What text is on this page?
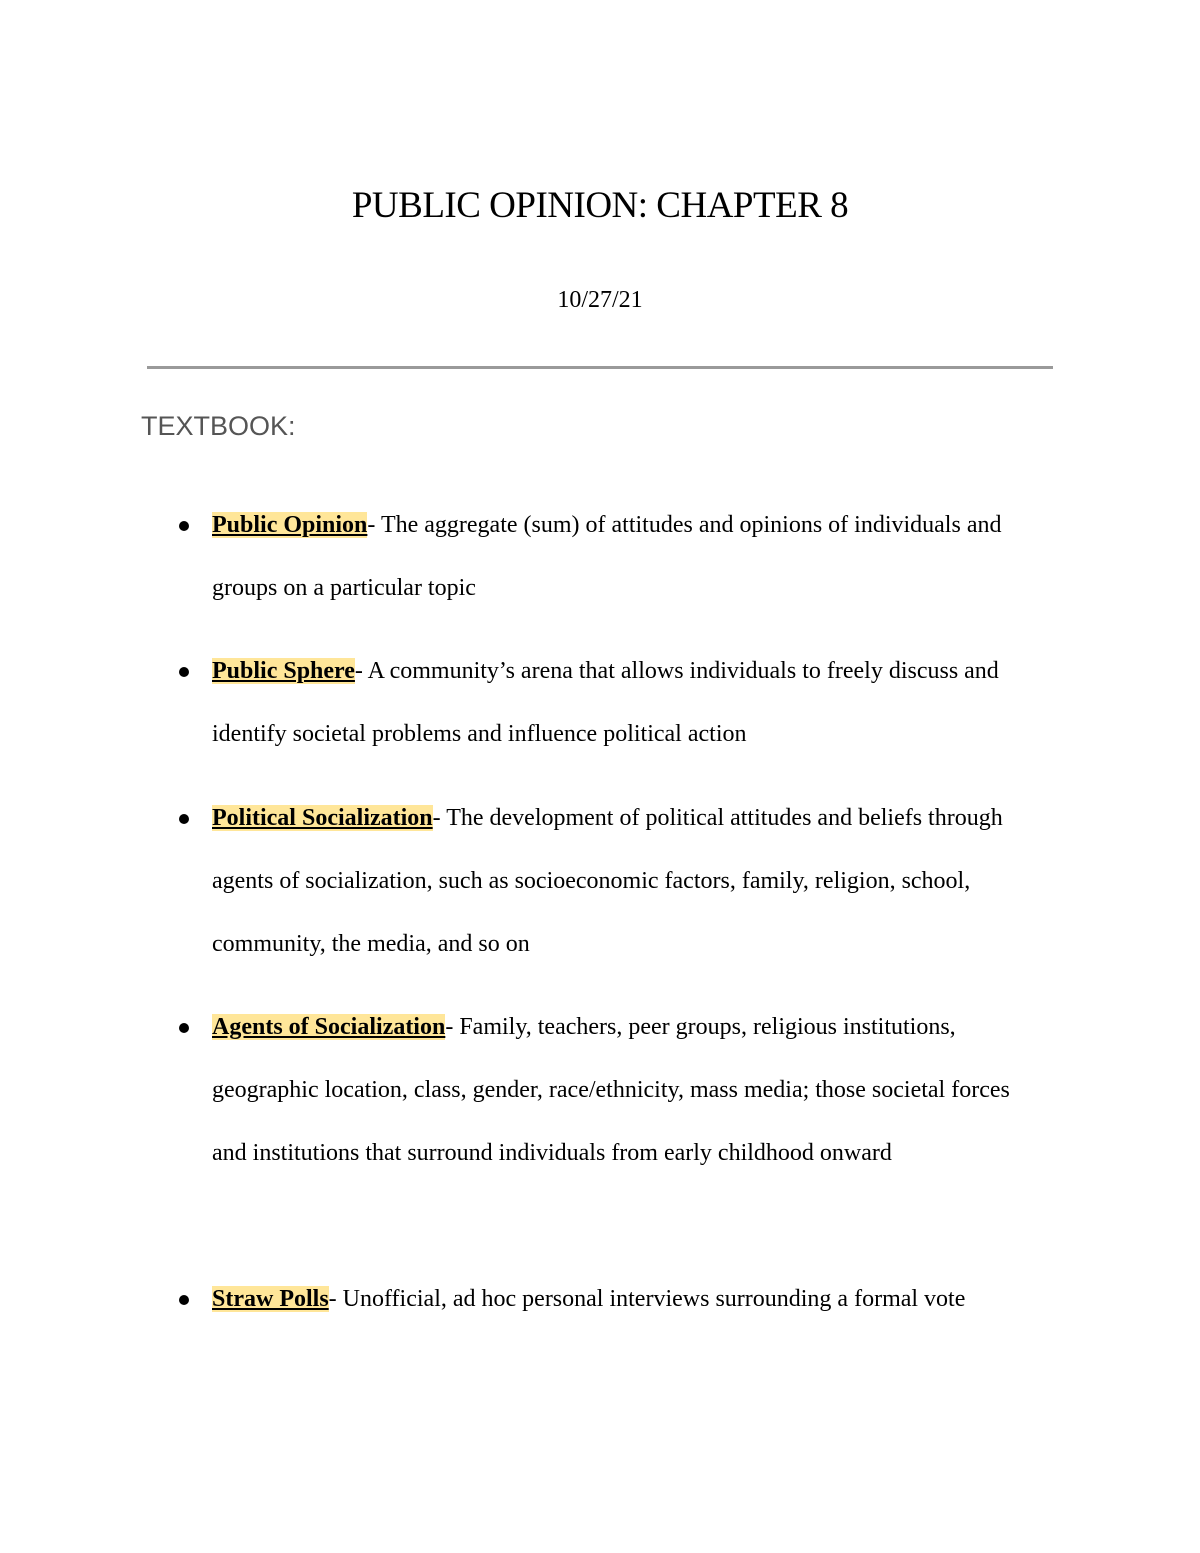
PUBLIC OPINION: CHAPTER 8
10/27/21
TEXTBOOK:
Public Opinion- The aggregate (sum) of attitudes and opinions of individuals and groups on a particular topic
Public Sphere- A community’s arena that allows individuals to freely discuss and identify societal problems and influence political action
Political Socialization- The development of political attitudes and beliefs through agents of socialization, such as socioeconomic factors, family, religion, school, community, the media, and so on
Agents of Socialization- Family, teachers, peer groups, religious institutions, geographic location, class, gender, race/ethnicity, mass media; those societal forces and institutions that surround individuals from early childhood onward
Straw Polls- Unofficial, ad hoc personal interviews surrounding a formal vote
